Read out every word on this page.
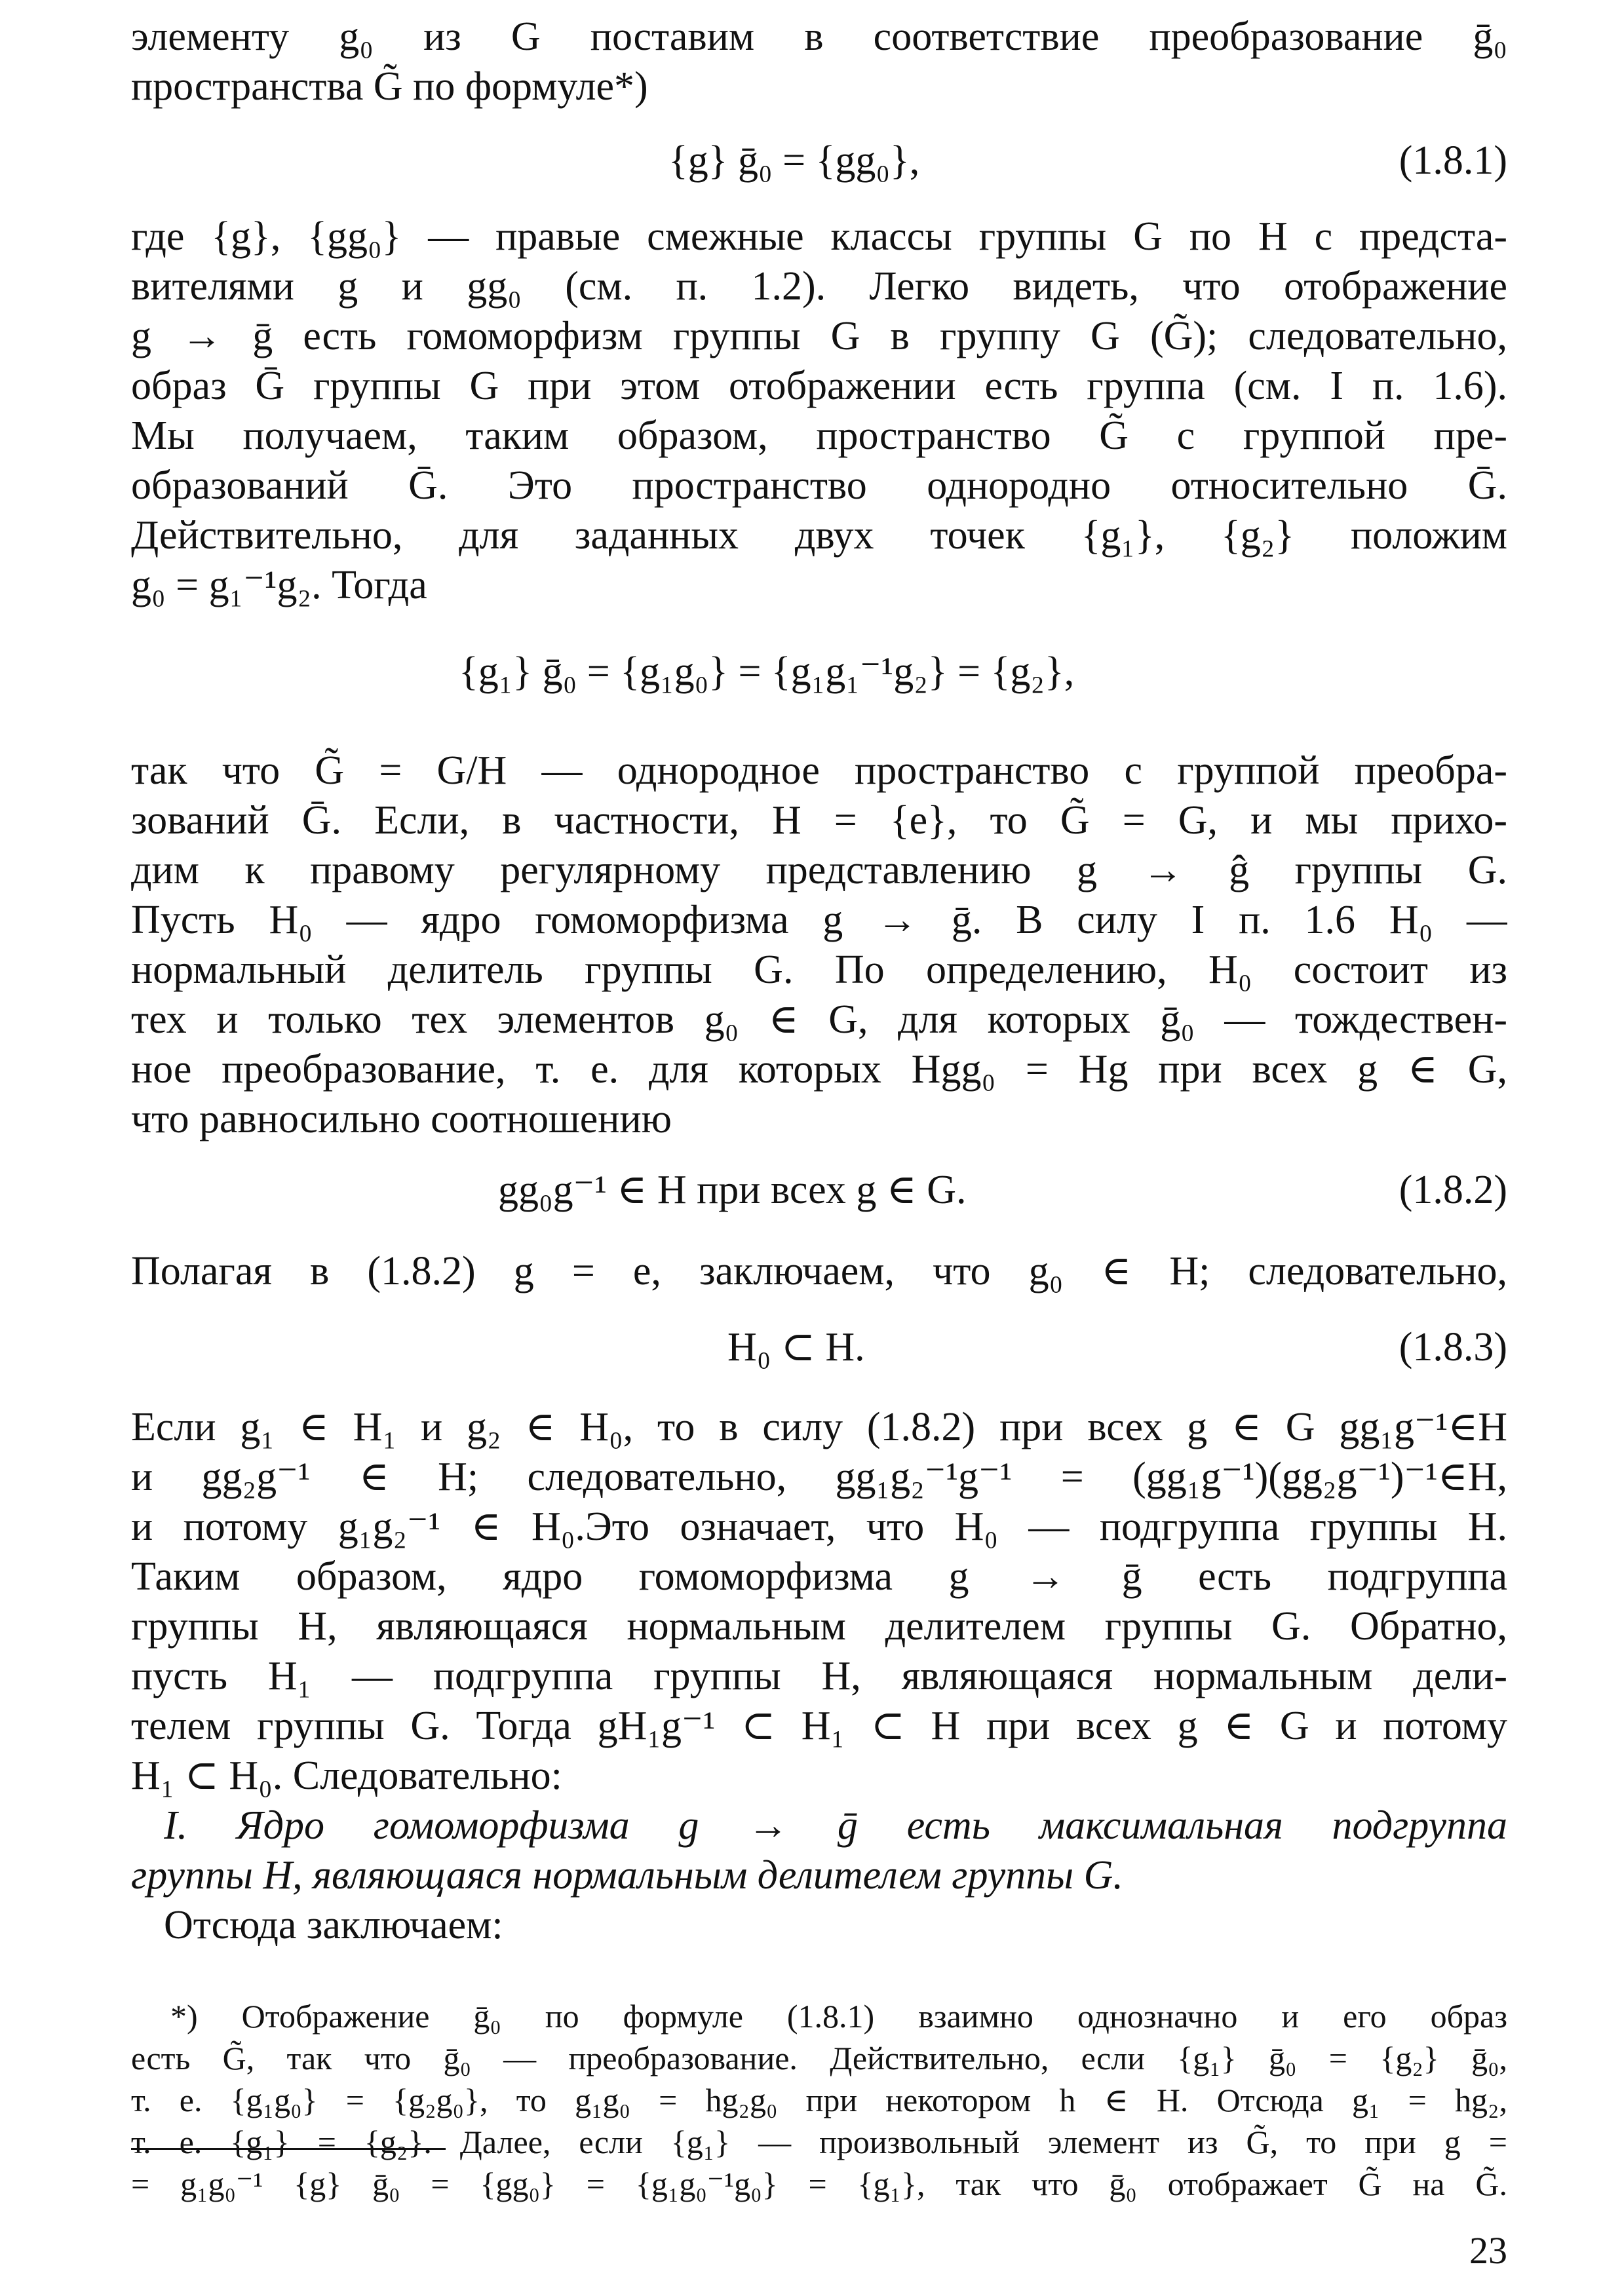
элементу g₀ из G поставим в соответствие преобразование ḡ₀
пространства G̃ по формуле*)
{g} ḡ₀ = {gg₀},	(1.8.1)
где {g}, {gg₀} — правые смежные классы группы G по H с предста-
вителями g и gg₀ (см. п. 1.2). Легко видеть, что отображение
g → ḡ есть гомоморфизм группы G в группу G (G̃); следовательно,
образ Ḡ группы G при этом отображении есть группа (см. I п. 1.6).
Мы получаем, таким образом, пространство G̃ с группой пре-
образований Ḡ. Это пространство однородно относительно Ḡ.
Действительно, для заданных двух точек {g₁}, {g₂} положим
g₀ = g₁⁻¹g₂. Тогда
{g₁} ḡ₀ = {g₁g₀} = {g₁g₁⁻¹g₂} = {g₂},
так что G̃ = G/H — однородное пространство с группой преобра-
зований Ḡ. Если, в частности, H = {e}, то G̃ = G, и мы прихо-
дим к правому регулярному представлению g → ĝ группы G.
Пусть H₀ — ядро гомоморфизма g → ḡ. В силу I п. 1.6 H₀ —
нормальный делитель группы G. По определению, H₀ состоит из
тех и только тех элементов g₀ ∈ G, для которых ḡ₀ — тождествен-
ное преобразование, т. е. для которых Hgg₀ = Hg при всех g ∈ G,
что равносильно соотношению
gg₀g⁻¹ ∈ H при всех g ∈ G.	(1.8.2)
Полагая в (1.8.2) g = e, заключаем, что g₀ ∈ H; следовательно,
H₀ ⊂ H.	(1.8.3)
Если g₁ ∈ H₁ и g₂ ∈ H₀, то в силу (1.8.2) при всех g ∈ G gg₁g⁻¹∈H
и gg₂g⁻¹ ∈ H; следовательно, gg₁g₂⁻¹g⁻¹ = (gg₁g⁻¹)(gg₂g⁻¹)⁻¹∈H,
и потому g₁g₂⁻¹ ∈ H₀.Это означает, что H₀ — подгруппа группы H.
Таким образом, ядро гомоморфизма g → ḡ есть подгруппа
группы H, являющаяся нормальным делителем группы G. Обратно,
пусть H₁ — подгруппа группы H, являющаяся нормальным дели-
телем группы G. Тогда gH₁g⁻¹ ⊂ H₁ ⊂ H при всех g ∈ G и потому
H₁ ⊂ H₀. Следовательно:
I. Ядро гомоморфизма g → ḡ есть максимальная подгруппа
группы H, являющаяся нормальным делителем группы G.
Отсюда заключаем:
*) Отображение ḡ₀ по формуле (1.8.1) взаимно однозначно и его образ
есть G̃, так что ḡ₀ — преобразование. Действительно, если {g₁} ḡ₀ = {g₂} ḡ₀,
т. е. {g₁g₀} = {g₂g₀}, то g₁g₀ = hg₂g₀ при некотором h ∈ H. Отсюда g₁ = hg₂,
т. е. {g₁} = {g₂}. Далее, если {g₁} — произвольный элемент из G̃, то при g =
= g₁g₀⁻¹ {g} ḡ₀ = {gg₀} = {g₁g₀⁻¹g₀} = {g₁}, так что ḡ₀ отображает G̃ на G̃.
23
